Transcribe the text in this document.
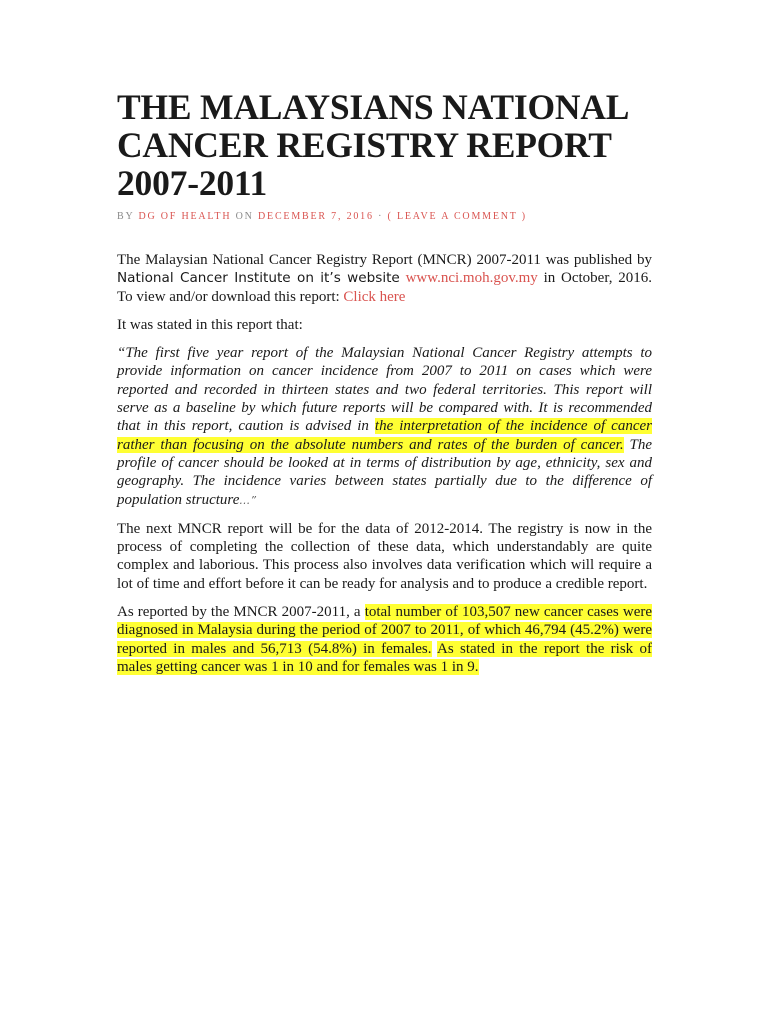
THE MALAYSIANS NATIONAL CANCER REGISTRY REPORT 2007-2011
BY DG OF HEALTH ON DECEMBER 7, 2016 · ( LEAVE A COMMENT )

The Malaysian National Cancer Registry Report (MNCR) 2007-2011 was published by National Cancer Institute on it’s website www.nci.moh.gov.my in October, 2016. To view and/or download this report: Click here

It was stated in this report that:

“The first five year report of the Malaysian National Cancer Registry attempts to provide information on cancer incidence from 2007 to 2011 on cases which were reported and recorded in thirteen states and two federal territories. This report will serve as a baseline by which future reports will be compared with. It is recommended that in this report, caution is advised in the interpretation of the incidence of cancer rather than focusing on the absolute numbers and rates of the burden of cancer. The profile of cancer should be looked at in terms of distribution by age, ethnicity, sex and geography. The incidence varies between states partially due to the difference of population structure…”

The next MNCR report will be for the data of 2012-2014. The registry is now in the process of completing the collection of these data, which understandably are quite complex and laborious. This process also involves data verification which will require a lot of time and effort before it can be ready for analysis and to produce a credible report.

As reported by the MNCR 2007-2011, a total number of 103,507 new cancer cases were diagnosed in Malaysia during the period of 2007 to 2011, of which 46,794 (45.2%) were reported in males and 56,713 (54.8%) in females. As stated in the report the risk of males getting cancer was 1 in 10 and for females was 1 in 9.
